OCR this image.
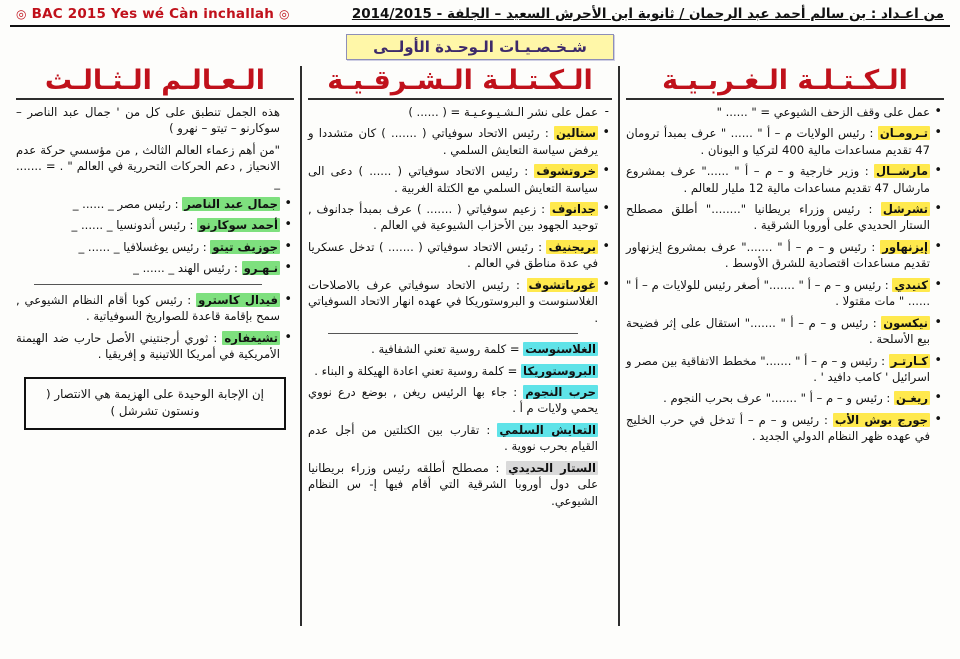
من اعـداد : بن سالم أحمد عبد الرحمان / ثانوية ابن الأحرش السعيد – الجلفة - 2014/2015
◎ BAC 2015 Yes wé Càn inchallah ◎
شـخـصـيـات الـوحـدة الأولــى
الـكـتـلـة الـغـربـيـة
• عمل على وقف الزحف الشيوعي = " ...... "
• تـرومـان : رئيس الولايات م – أ " ...... " عرف بمبدأ ترومان 47 تقديم مساعدات مالية 400 لتركيا و اليونان .
• مارشــال : وزير خارجية و – م – أ " ......" عرف بمشروع مارشال 47 تقديم مساعدات مالية 12 مليار للعالم .
• تشرشل : رئيس وزراء بريطانيا "........" أطلق مصطلح الستار الحديدي على أوروبا الشرقية .
• إيزنهاور : رئيس و – م – أ " ......." عرف بمشروع إيزنهاور تقديم مساعدات اقتصادية للشرق الأوسط .
• كنيدي : رئيس و – م – أ " ......." أصغر رئيس للولايات م – أ " ...... " مات مقتولا .
• نيكسون : رئيس و – م – أ " ......." استقال على إثر فضيحة بيع الأسلحة .
• كـارتـر : رئيس و – م – أ " ......." مخطط الاتفاقية بين مصر و اسرائيل ' كامب دافيد ' .
• ريغـن : رئيس و – م – أ " ......." عرف بحرب النجوم .
• جورج بوش الأب : رئيس و – م – أ تدخل في حرب الخليج في عهده ظهر النظام الدولي الجديد .
الـكـتـلـة الـشـرقـيـة
- عمل على نشر الـشـيـوعـيـة = ( ...... )
• ستالين : رئيس الاتحاد سوفياتي ( ....... ) كان متشددا و يرفض سياسة التعايش السلمي .
• خروتشوف : رئيس الاتحاد سوفياتي ( ...... ) دعى الى سياسة التعايش السلمي مع الكتلة الغربية .
• جدانوف : زعيم سوفياتي ( ....... ) عرف بمبدأ جدانوف , توحيد الجهود بين الأحزاب الشيوعية في العالم .
• بريجنيف : رئيس الاتحاد سوفياتي ( ....... ) تدخل عسكريا في عدة مناطق في العالم .
• غورباتشوف : رئيس الاتحاد سوفياتي عرف بالاصلاحات الغلاسنوست و البروستوريكا في عهده انهار الاتحاد السوفياتي .
الغلاسنوست = كلمة روسية تعني الشفافية .
البروستوريكا = كلمة روسية تعني اعادة الهيكلة و البناء .
حرب النجوم : جاء بها الرئيس ريغن , بوضع درع نووي يحمي ولايات م أ .
التعايش السلمي : تقارب بين الكتلتين من أجل عدم القيام بحرب نووية .
الستار الحديدي : مصطلح أطلقه رئيس وزراء بريطانيا على دول أوروبا الشرقية التي أقام فيها إ- س النظام الشيوعي.
الـعـالـم الـثـالـث
هذه الجمل تنطبق على كل من ' جمال عبد الناصر – سوكارنو – تيتو – نهرو )
"من أهم زعماء العالم الثالث , من مؤسسي حركة عدم الانحياز , دعم الحركات التحررية في العالم " . = ....... _
• جمال عبد الناصر : رئيس مصر _ ...... _
• أحمد سوكارنو : رئيس أندونسيا _ ...... _
• جوزيف تيتو : رئيس يوغسلافيا _ ...... _
• نـهـرو : رئيس الهند _ ...... _
• فيدال كاسترو : رئيس كوبا أقام النظام الشيوعي , سمح بإقامة قاعدة للصواريخ السوفياتية .
• تشيغفاره : ثوري أرجنتيني الأصل حارب ضد الهيمنة الأمريكية في أمريكا اللاتينية و إفريقيا .
إن الإجابة الوحيدة على الهزيمة هي الانتصار ( ونستون تشرشل )
